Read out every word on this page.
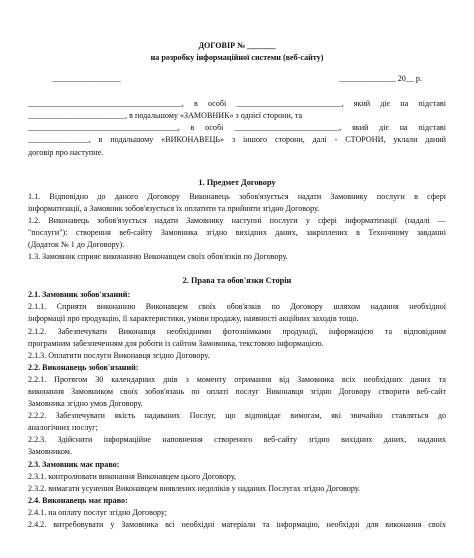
ДОГОВІР № _______
на розробку інформаційної системи (веб-сайту)
_________________	______________ 20__ р.
______________________________________, в особі __________________________, який діє на підставі
________________________, в подальшому «ЗАМОВНИК» з однієї сторони, та
_____________________________________, в особі __________________________, який діє на підставі
_______________, в подальшому «ВИКОНАВЕЦЬ» з іншого сторони, далі - СТОРОНИ, уклали даний
договір про наступне.
1. Предмет Договору
1.1. Відповідно до даного Договору Виконавець зобов'язується надати Замовнику послуги в сфері
інформатизації, а Замовник зобов'язується їх оплатити та прийняти згідно Договору.
1.2. Виконавець зобов'язується надати Замовнику наступні послуги у сфері інформатизації (надалі —
"послуги"): створення веб-сайту Замовника згідно вихідних даних, закріплених в Технічному завданні
(Додаток № 1 до Договору).
1.3. Замовник сприяє виконанню Виконавцем своїх обов'язків по Договору.
2. Права та обов'язки Сторін
2.1. Замовник зобов'язаний:
2.1.1. Сприяти виконанню Виконавцем своїх обов'язків по Договору шляхом надання необхідної
інформації про продукцію, її характеристики, умови продажу, наявності акційних заходів тощо.
2.1.2. Забезпечувати Виконавця необхідними фотознімками продукції, інформацією та відповідним
програмним забезпеченням для роботи із сайтом Замовника, текстовою інформацією.
2.1.3. Оплатити послуги Виконавця згідно Договору.
2.2. Виконавець зобов'язаний:
2.2.1. Протягом 30 календарних днів з моменту отримання від Замовника всіх необхідних даних та
виконання Замовником своїх зобов'язань по оплаті послуг Виконавця згідно Договору створити веб-сайт
Замовника згідно умов Договору.
2.2.2. Забезпечувати якість надаваних Послуг, що відповідає вимогам, які звичайно ставляться до
аналогічних послуг;
2.2.3. Здійснити інформаційне наповнення створеного веб-сайту згідно вихідних даних, наданих
Замовником.
2.3. Замовник має право:
2.3.1. контролювати виконання Виконавцем цього Договору,
2.3.2. вимагати усунення Виконавцем виявлених недоліків у наданих Послугах згідно Договору.
2.4. Виконавець має право:
2.4.1. на оплату послуг згідно Договору;
2.4.2. витребовувати у Замовника всі необхідні матеріали та інформацію, необхідні для виконання своїх
